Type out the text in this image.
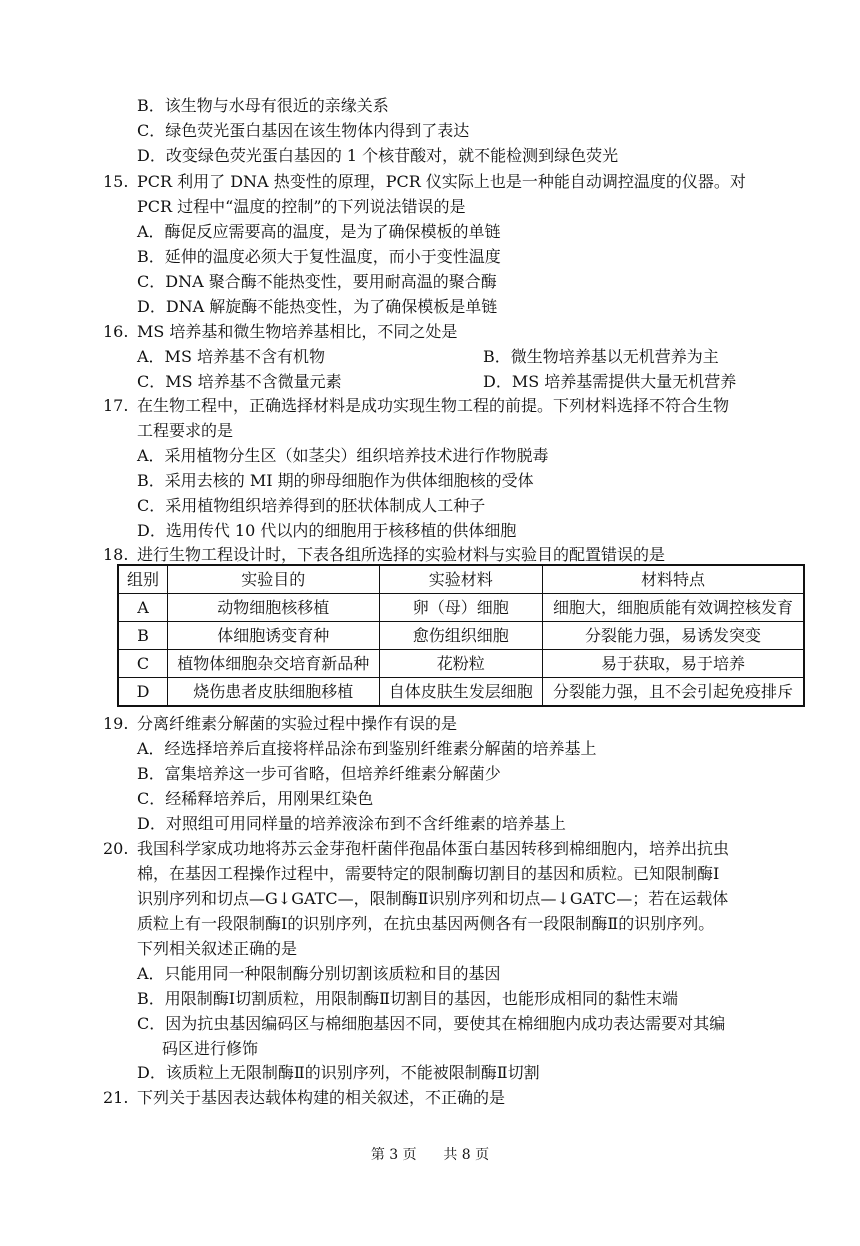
B．该生物与水母有很近的亲缘关系
C．绿色荧光蛋白基因在该生物体内得到了表达
D．改变绿色荧光蛋白基因的 1 个核苷酸对，就不能检测到绿色荧光
15. PCR 利用了 DNA 热变性的原理，PCR 仪实际上也是一种能自动调控温度的仪器。对
PCR 过程中“温度的控制”的下列说法错误的是
A．酶促反应需要高的温度，是为了确保模板的单链
B．延伸的温度必须大于复性温度，而小于变性温度
C．DNA 聚合酶不能热变性，要用耐高温的聚合酶
D．DNA 解旋酶不能热变性，为了确保模板是单链
16. MS 培养基和微生物培养基相比，不同之处是
A．MS 培养基不含有机物	B．微生物培养基以无机营养为主
C．MS 培养基不含微量元素	D．MS 培养基需提供大量无机营养
17. 在生物工程中，正确选择材料是成功实现生物工程的前提。下列材料选择不符合生物
工程要求的是
A．采用植物分生区（如茎尖）组织培养技术进行作物脱毒
B．采用去核的 MⅠ 期的卵母细胞作为供体细胞核的受体
C．采用植物组织培养得到的胚状体制成人工种子
D．选用传代 10 代以内的细胞用于核移植的供体细胞
18. 进行生物工程设计时，下表各组所选择的实验材料与实验目的配置错误的是
组别	实验目的	实验材料	材料特点
A	动物细胞核移植	卵（母）细胞	细胞大，细胞质能有效调控核发育
B	体细胞诱变育种	愈伤组织细胞	分裂能力强，易诱发突变
C	植物体细胞杂交培育新品种	花粉粒	易于获取，易于培养
D	烧伤患者皮肤细胞移植	自体皮肤生发层细胞	分裂能力强，且不会引起免疫排斥
19. 分离纤维素分解菌的实验过程中操作有误的是
A．经选择培养后直接将样品涂布到鉴别纤维素分解菌的培养基上
B．富集培养这一步可省略，但培养纤维素分解菌少
C．经稀释培养后，用刚果红染色
D．对照组可用同样量的培养液涂布到不含纤维素的培养基上
20. 我国科学家成功地将苏云金芽孢杆菌伴孢晶体蛋白基因转移到棉细胞内，培养出抗虫
棉，在基因工程操作过程中，需要特定的限制酶切割目的基因和质粒。已知限制酶Ⅰ
识别序列和切点—G↓GATC—，限制酶Ⅱ识别序列和切点—↓GATC—；若在运载体
质粒上有一段限制酶Ⅰ的识别序列，在抗虫基因两侧各有一段限制酶Ⅱ的识别序列。
下列相关叙述正确的是
A．只能用同一种限制酶分别切割该质粒和目的基因
B．用限制酶Ⅰ切割质粒，用限制酶Ⅱ切割目的基因，也能形成相同的黏性末端
C．因为抗虫基因编码区与棉细胞基因不同，要使其在棉细胞内成功表达需要对其编
码区进行修饰
D．该质粒上无限制酶Ⅱ的识别序列，不能被限制酶Ⅱ切割
21. 下列关于基因表达载体构建的相关叙述，不正确的是
第 3 页      共 8 页
